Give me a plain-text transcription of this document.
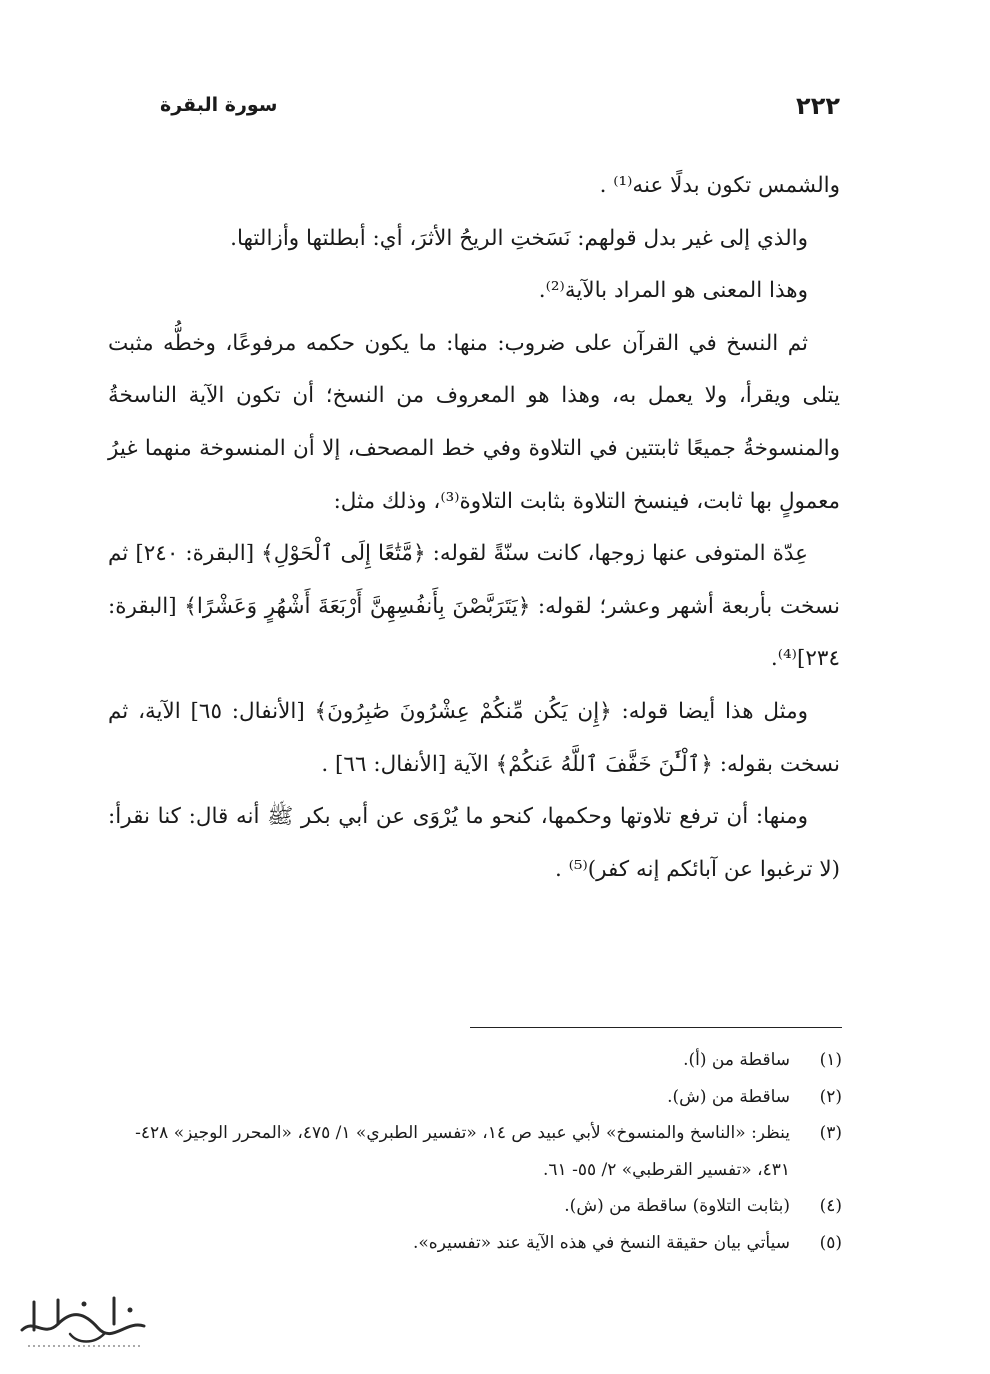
٢٢٢
سورة البقرة

والشمس تكون بدلًا عنه⁽¹⁾ .

والذي إلى غير بدل قولهم: نَسَختِ الريحُ الأثرَ، أي: أبطلتها وأزالتها.

وهذا المعنى هو المراد بالآية⁽²⁾.

ثم النسخ في القرآن على ضروب: منها: ما يكون حكمه مرفوعًا، وخطُّه مثبت يتلى ويقرأ، ولا يعمل به، وهذا هو المعروف من النسخ؛ أن تكون الآية الناسخةُ والمنسوخةُ جميعًا ثابتتين في التلاوة وفي خط المصحف، إلا أن المنسوخة منهما غيرُ معمولٍ بها ثابت، فينسخ التلاوة بثابت التلاوة⁽³⁾، وذلك مثل:

عِدّة المتوفى عنها زوجها، كانت سنّةً لقوله: ﴿مَّتَٰعًا إِلَى ٱلْحَوْلِ﴾ [البقرة: ٢٤٠] ثم نسخت بأربعة أشهر وعشر؛ لقوله: ﴿يَتَرَبَّصْنَ بِأَنفُسِهِنَّ أَرْبَعَةَ أَشْهُرٍ وَعَشْرًا﴾ [البقرة: ٢٣٤]⁽⁴⁾.

ومثل هذا أيضا قوله: ﴿إِن يَكُن مِّنكُمْ عِشْرُونَ صَٰبِرُونَ﴾ [الأنفال: ٦٥] الآية، ثم نسخت بقوله: ﴿ٱلْـَٰٔنَ خَفَّفَ ٱللَّهُ عَنكُمْ﴾ الآية [الأنفال: ٦٦] .

ومنها: أن ترفع تلاوتها وحكمها، كنحو ما يُرْوَى عن أبي بكر ﷺ أنه قال: كنا نقرأ: (لا ترغبوا عن آبائكم إنه كفر)⁽⁵⁾ .

(١)
ساقطة من (أ).
(٢)
ساقطة من (ش).
(٣)
ينظر: «الناسخ والمنسوخ» لأبي عبيد ص ١٤، «تفسير الطبري» ١/ ٤٧٥، «المحرر الوجيز» ٤٢٨- ٤٣١، «تفسير القرطبي» ٢/ ٥٥- ٦١.
(٤)
(بثابت التلاوة) ساقطة من (ش).
(٥)
سيأتي بيان حقيقة النسخ في هذه الآية عند «تفسيره».
